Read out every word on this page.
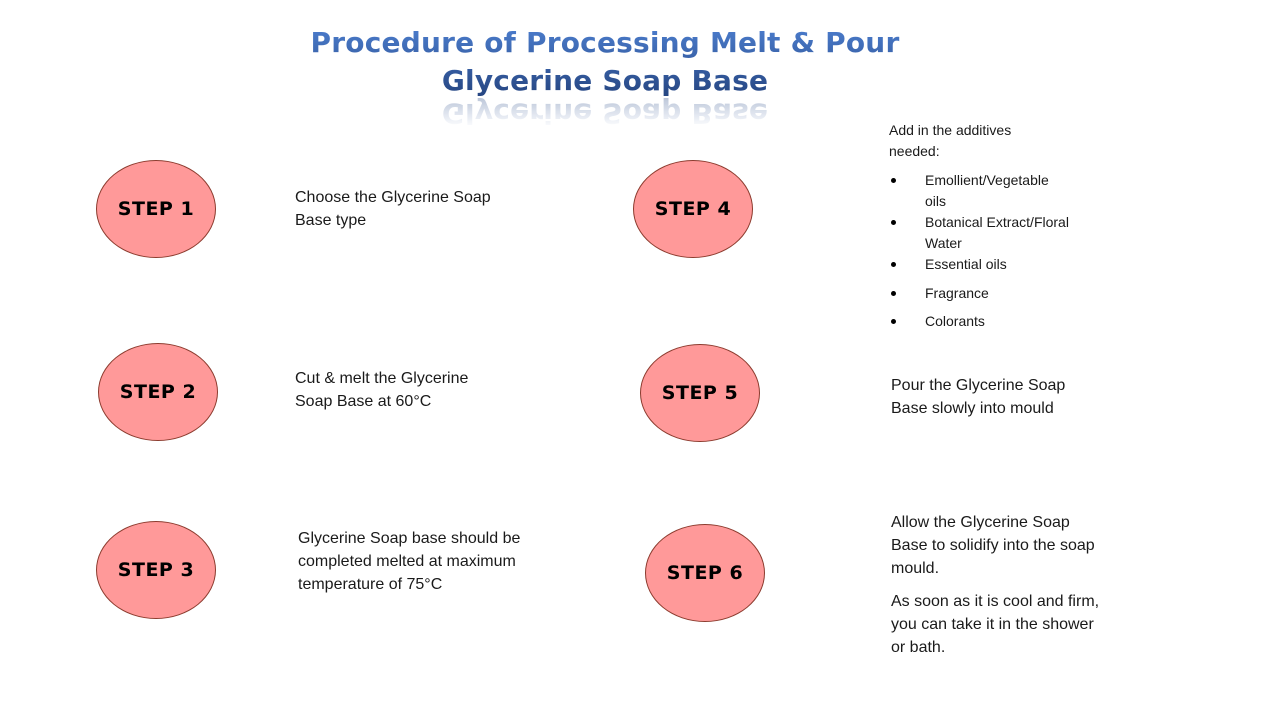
Procedure of Processing Melt & Pour
Glycerine Soap Base
STEP 1
Choose the Glycerine Soap
Base type
STEP 2
Cut & melt the Glycerine
Soap Base at 60°C
STEP 3
Glycerine Soap base should be
completed melted at maximum
temperature of 75°C
STEP 4
Add in the additives
needed:
Emollient/Vegetable
oils
Botanical Extract/Floral
Water
Essential oils
Fragrance
Colorants
STEP 5	Pour the Glycerine Soap
Base slowly into mould
STEP 6

Allow the Glycerine Soap
Base to solidify into the soap
mould.

As soon as it is cool and firm,
you can take it in the shower
or bath.
